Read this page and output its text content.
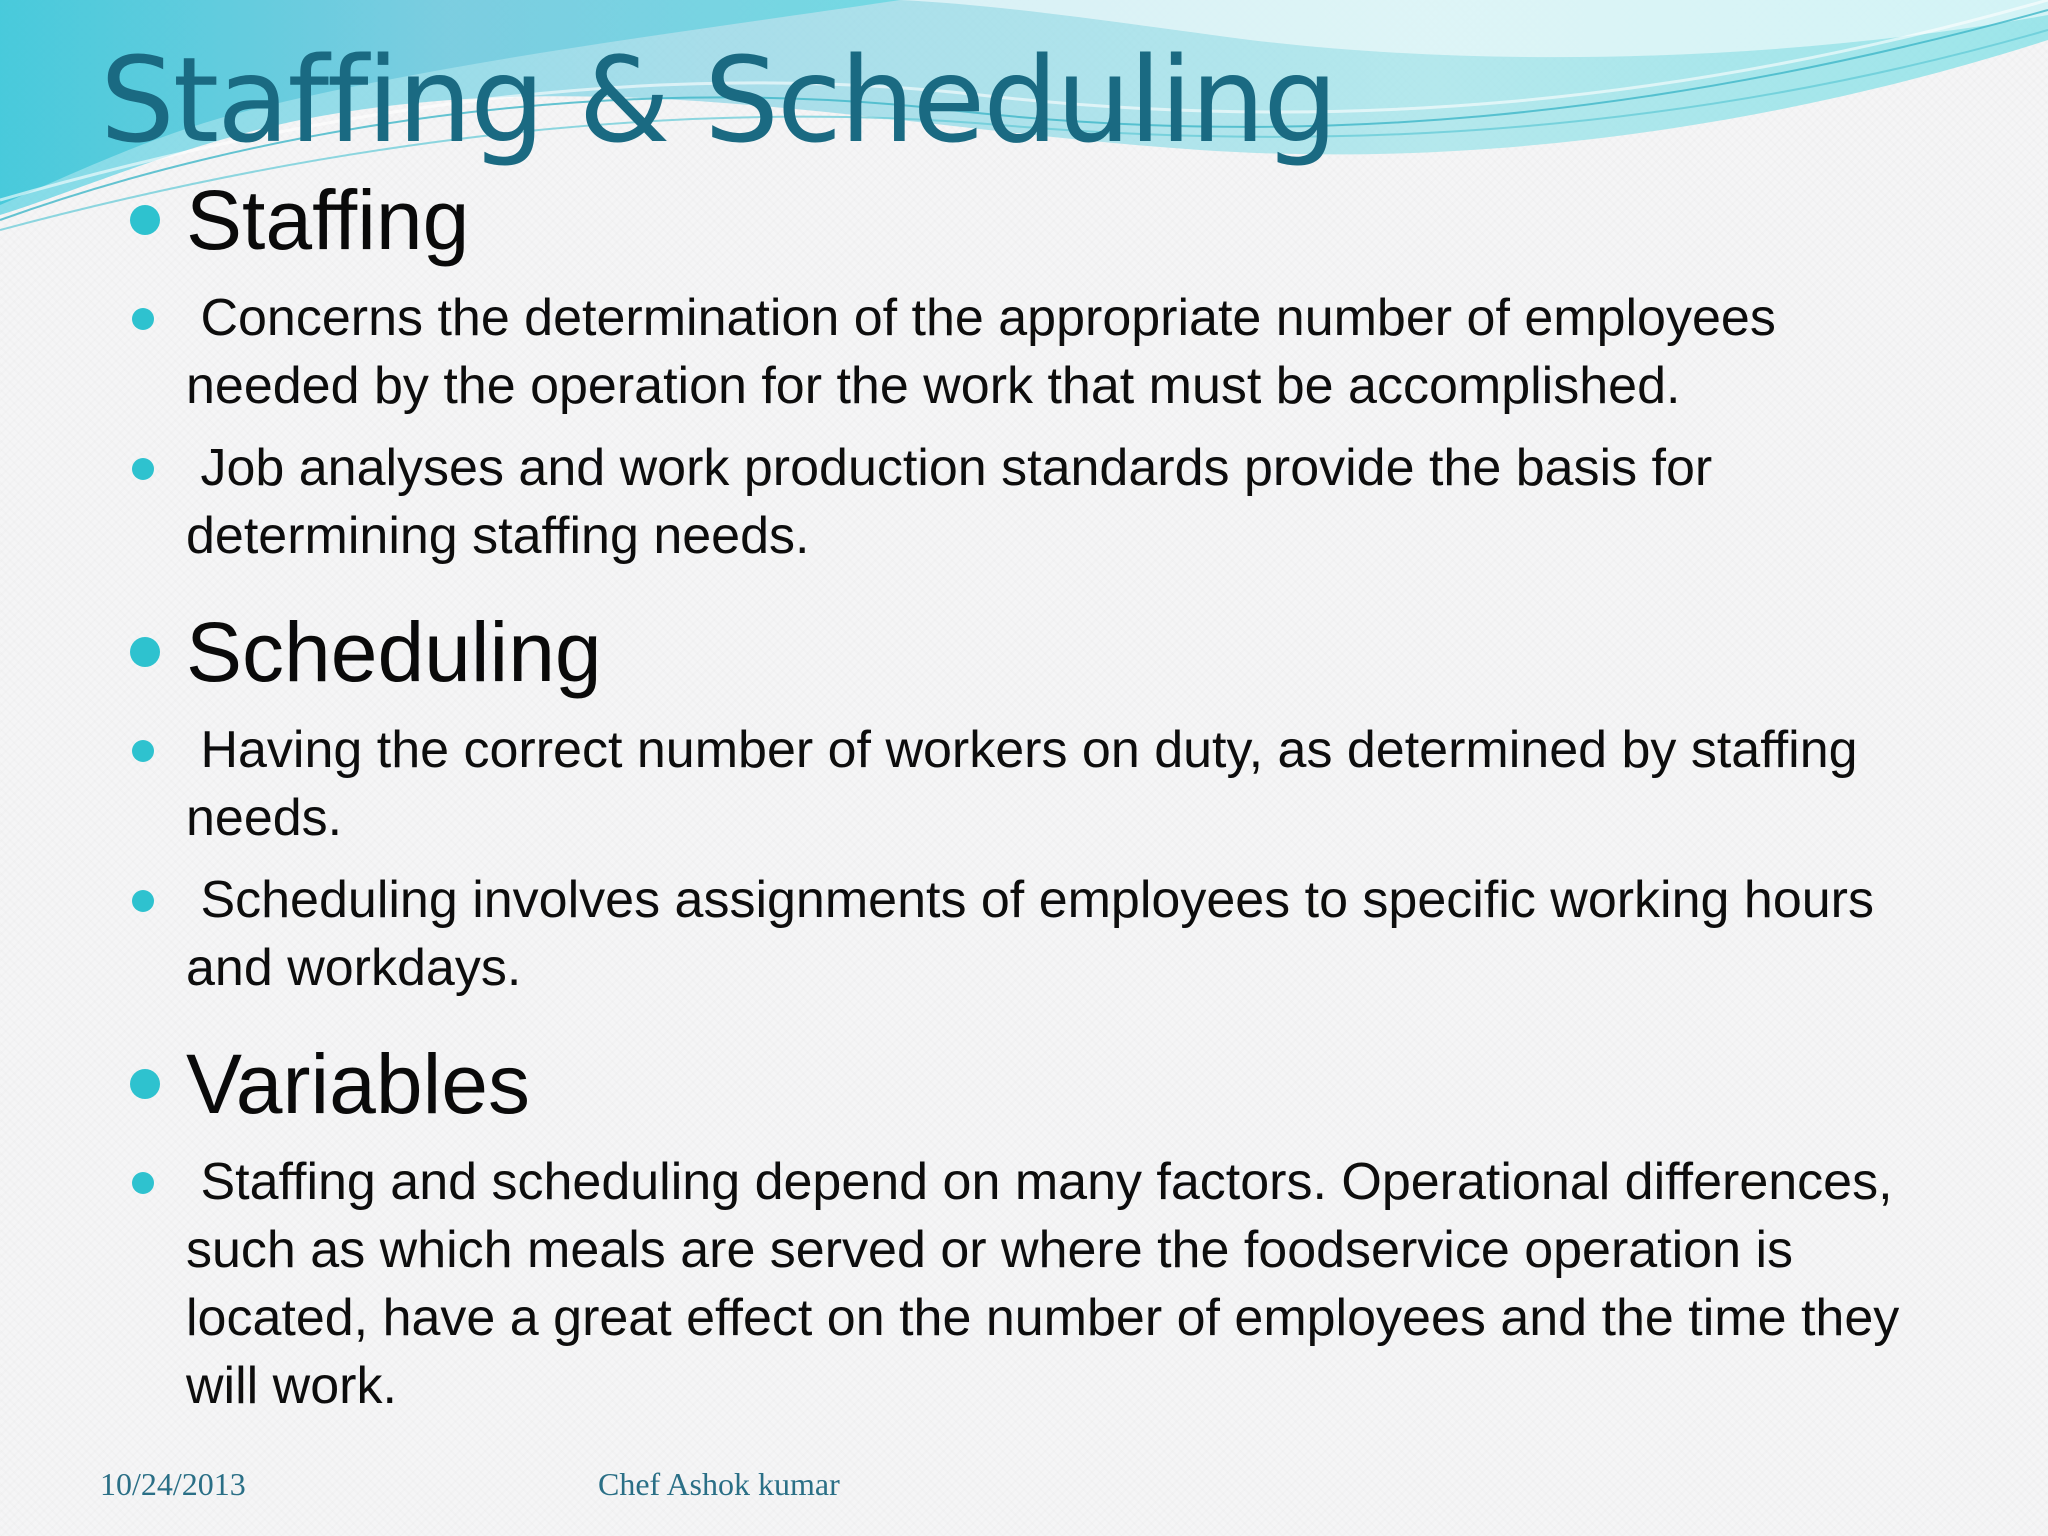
Staffing & Scheduling

Staffing

Concerns the determination of the appropriate number of employees needed by the operation for the work that must be accomplished.

Job analyses and work production standards provide the basis for determining staffing needs.

Scheduling

Having the correct number of workers on duty, as determined by staffing needs.

Scheduling involves assignments of employees to specific working hours and workdays.

Variables

Staffing and scheduling depend on many factors. Operational differences, such as which meals are served or where the foodservice operation is located, have a great effect on the number of employees and the time they will work.

10/24/2013	Chef Ashok kumar
